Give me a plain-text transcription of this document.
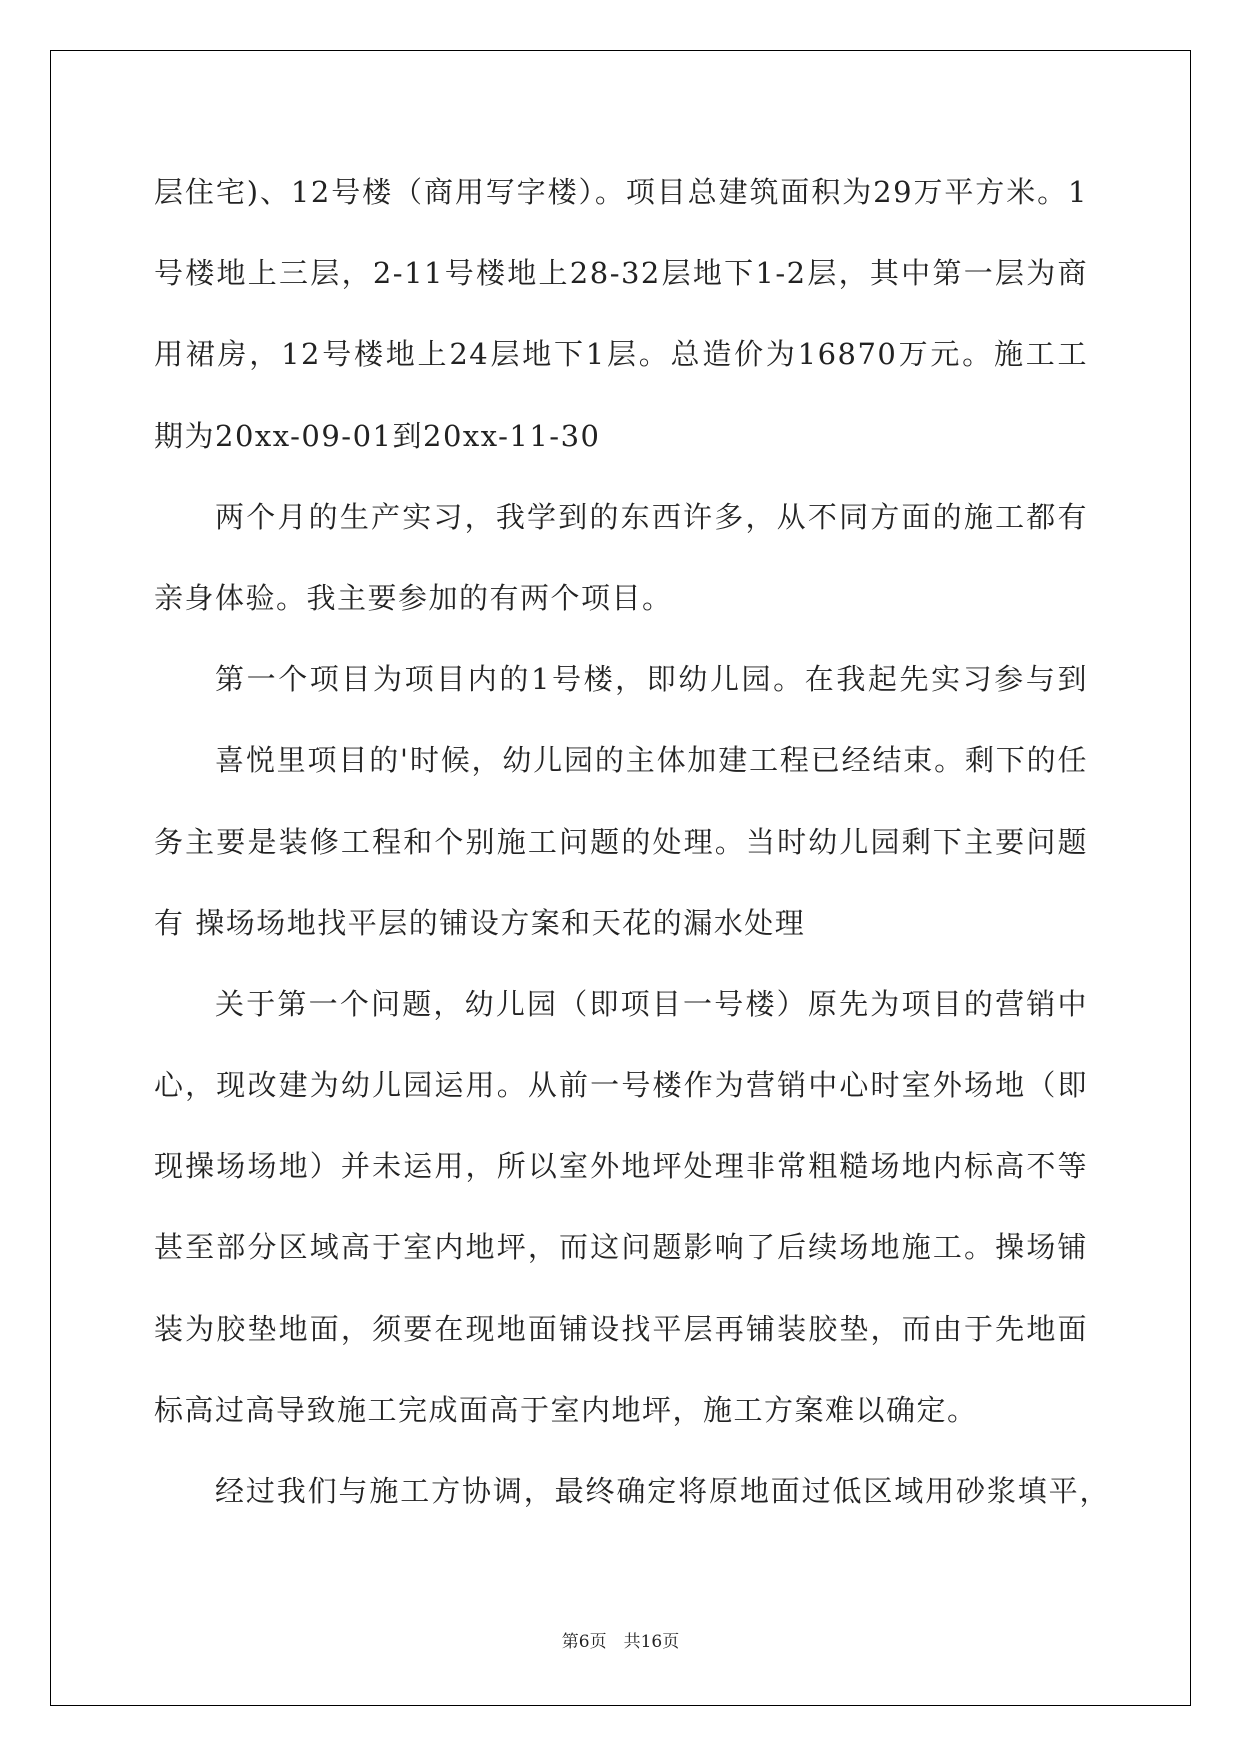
层住宅)、12号楼（商用写字楼）。项目总建筑面积为29万平方米。1
号楼地上三层，2-11号楼地上28-32层地下1-2层，其中第一层为商
用裙房，12号楼地上24层地下1层。总造价为16870万元。施工工
期为20xx-09-01到20xx-11-30
两个月的生产实习，我学到的东西许多，从不同方面的施工都有
亲身体验。我主要参加的有两个项目。
第一个项目为项目内的1号楼，即幼儿园。在我起先实习参与到
喜悦里项目的'时候，幼儿园的主体加建工程已经结束。剩下的任
务主要是装修工程和个别施工问题的处理。当时幼儿园剩下主要问题
有 操场场地找平层的铺设方案和天花的漏水处理
关于第一个问题，幼儿园（即项目一号楼）原先为项目的营销中
心，现改建为幼儿园运用。从前一号楼作为营销中心时室外场地（即
现操场场地）并未运用，所以室外地坪处理非常粗糙场地内标高不等
甚至部分区域高于室内地坪，而这问题影响了后续场地施工。操场铺
装为胶垫地面，须要在现地面铺设找平层再铺装胶垫，而由于先地面
标高过高导致施工完成面高于室内地坪，施工方案难以确定。
经过我们与施工方协调，最终确定将原地面过低区域用砂浆填平，
第6页　共16页
